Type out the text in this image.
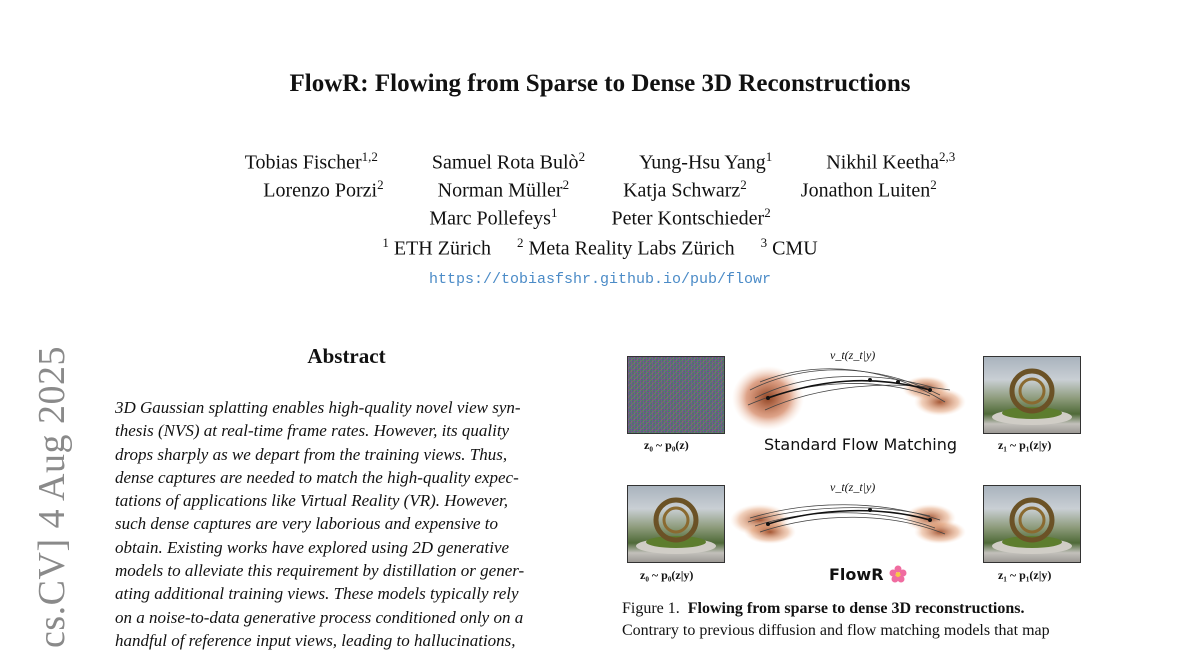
FlowR: Flowing from Sparse to Dense 3D Reconstructions
Tobias Fischer$^{1,2}$	Samuel Rota Bulò$^2$	Yung-Hsu Yang$^1$	Nikhil Keetha$^{2,3}$
Lorenzo Porzi$^2$	Norman Müller$^2$	Katja Schwarz$^2$	Jonathon Luiten$^2$
Marc Pollefeys$^1$	Peter Kontschieder$^2$
$^1$ ETH Zürich $^2$ Meta Reality Labs Zürich $^3$ CMU
https://tobiasfshr.github.io/pub/flowr
cs.CV] 4 Aug 2025	Abstract
3D Gaussian splatting enables high-quality novel view syn-
thesis (NVS) at real-time frame rates. However, its quality
drops sharply as we depart from the training views. Thus,
dense captures are needed to match the high-quality expec-
tations of applications like Virtual Reality (VR). However,
such dense captures are very laborious and expensive to
obtain. Existing works have explored using 2D generative
models to alleviate this requirement by distillation or gener-
ating additional training views. These models typically rely
on a noise-to-data generative process conditioned only on a
handful of reference input views, leading to hallucinations,
v_t(z_t|y)
z₀ ~ p₀(z)	Standard Flow Matching	z₁ ~ p₁(z|y)
v_t(z_t|y)
z₀ ~ p₀(z|y)	FlowR	z₁ ~ p₁(z|y)
Figure 1. Flowing from sparse to dense 3D reconstructions.
Contrary to previous diffusion and flow matching models that map
